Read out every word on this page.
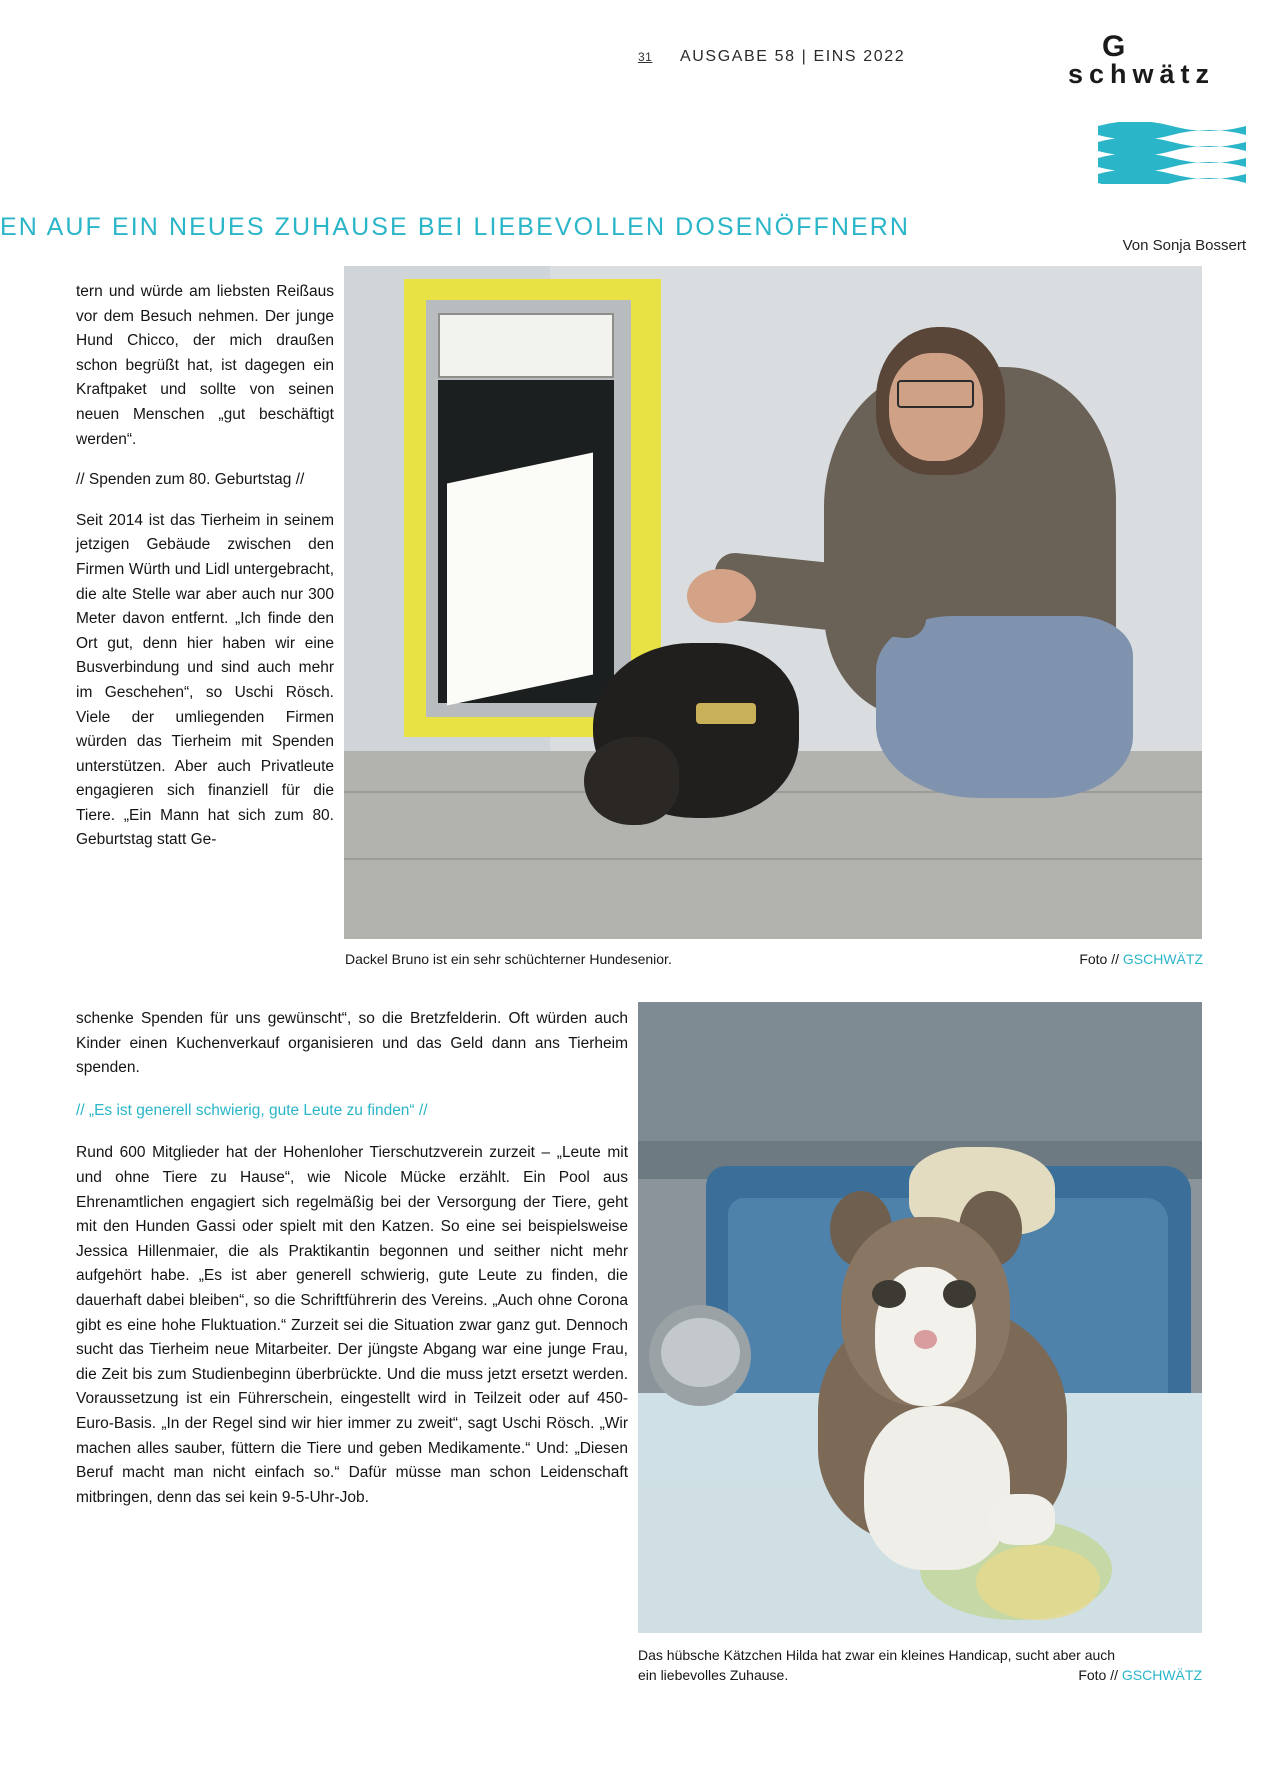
31 AUSGABE 58 | EINS 2022	G
schwätz
EN AUF EIN NEUES ZUHAUSE BEI LIEBEVOLLEN DOSENÖFFNERN
Von Sonja Bossert

tern und würde am liebsten Reißaus vor dem Besuch nehmen. Der junge Hund Chicco, der mich draußen schon begrüßt hat, ist dagegen ein Kraftpaket und sollte von seinen neuen Menschen „gut beschäftigt werden“.

// Spenden zum 80. Geburtstag //

Seit 2014 ist das Tierheim in seinem jetzigen Gebäude zwischen den Firmen Würth und Lidl untergebracht, die alte Stelle war aber auch nur 300 Meter davon entfernt. „Ich finde den Ort gut, denn hier haben wir eine Busverbindung und sind auch mehr im Geschehen“, so Uschi Rösch. Viele der umliegenden Firmen würden das Tierheim mit Spenden unterstützen. Aber auch Privatleute engagieren sich finanziell für die Tiere. „Ein Mann hat sich zum 80. Geburtstag statt Ge-

Dackel Bruno ist ein sehr schüchterner Hundesenior.	Foto // GSCHWÄTZ

schenke Spenden für uns gewünscht“, so die Bretzfelderin. Oft würden auch Kinder einen Kuchenverkauf organisieren und das Geld dann ans Tierheim spenden.

// „Es ist generell schwierig, gute Leute zu finden“ //

Rund 600 Mitglieder hat der Hohenloher Tierschutzverein zurzeit – „Leute mit und ohne Tiere zu Hause“, wie Nicole Mücke erzählt. Ein Pool aus Ehrenamtlichen engagiert sich regelmäßig bei der Versorgung der Tiere, geht mit den Hunden Gassi oder spielt mit den Katzen. So eine sei beispielsweise Jessica Hillenmaier, die als Praktikantin begonnen und seither nicht mehr aufgehört habe. „Es ist aber generell schwierig, gute Leute zu finden, die dauerhaft dabei bleiben“, so die Schriftführerin des Vereins. „Auch ohne Corona gibt es eine hohe Fluktuation.“ Zurzeit sei die Situation zwar ganz gut. Dennoch sucht das Tierheim neue Mitarbeiter. Der jüngste Abgang war eine junge Frau, die Zeit bis zum Studienbeginn überbrückte. Und die muss jetzt ersetzt werden. Voraussetzung ist ein Führerschein, eingestellt wird in Teilzeit oder auf 450-Euro-Basis. „In der Regel sind wir hier immer zu zweit“, sagt Uschi Rösch. „Wir machen alles sauber, füttern die Tiere und geben Medikamente.“ Und: „Diesen Beruf macht man nicht einfach so.“ Dafür müsse man schon Leidenschaft mitbringen, denn das sei kein 9-5-Uhr-Job.

Das hübsche Kätzchen Hilda hat zwar ein kleines Handicap, sucht aber auch
ein liebevolles Zuhause.	Foto // GSCHWÄTZ
